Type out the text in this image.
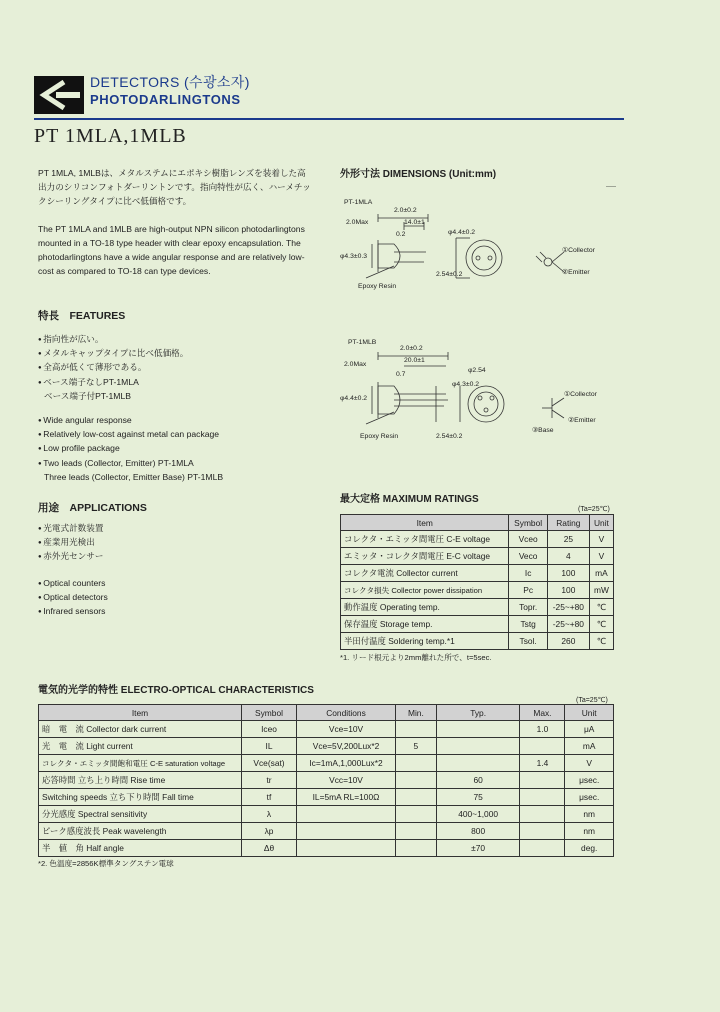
DETECTORS (수광소자)
PHOTODARLINGTONS
PT 1MLA,1MLB
PT 1MLA, 1MLBは、メタルステムにエポキシ樹脂レンズを装着した高出力のシリコンフォトダーリントンです。指向特性が広く、ハーメチックシーリングタイプに比べ低価格です。
The PT 1MLA and 1MLB are high-output NPN silicon photodarlingtons mounted in a TO-18 type header with clear epoxy encapsulation. The photodarlingtons have a wide angular response and are relatively low-cost as compared to TO-18 can type devices.
特長　FEATURES
● 指向性が広い。
● メタルキャップタイプに比べ低価格。
● 全高が低くて薄形である。
● ベース端子なしPT-1MLA
ベース端子付PT-1MLB
● Wide angular response
● Relatively low-cost against metal can package
● Low profile package
● Two leads (Collector, Emitter) PT-1MLA
Three leads (Collector, Emitter Base) PT-1MLB
用途　APPLICATIONS
● 光電式計数装置
● 産業用光検出
● 赤外光センサー
● Optical counters
● Optical detectors
● Infrared sensors
外形寸法 DIMENSIONS (Unit:mm)
PT-1MLA
2.0±0.2
14.0±1
2.0Max
0.2
φ4.3±0.3
2.54±0.2
φ4.4±0.2
Epoxy Resin
①Collector
②Emitter
PT-1MLB
2.0±0.2
20.0±1
2.0Max
0.7
φ4.4±0.2
φ2.54
φ4.3±0.2
2.54±0.2
Epoxy Resin
①Collector
②Emitter
③Base
最大定格 MAXIMUM RATINGS
(Ta=25℃)
Item	Symbol	Rating	Unit
コレクタ・エミッタ間電圧 C-E voltage	Vceo	25	V
エミッタ・コレクタ間電圧 E-C voltage	Veco	4	V
コレクタ電流 Collector current	Ic	100	mA
コレクタ損失 Collector power dissipation	Pc	100	mW
動作温度 Operating temp.	Topr.	-25~+80	℃
保存温度 Storage temp.	Tstg	-25~+80	℃
半田付温度 Soldering temp.*1	Tsol.	260	℃
*1. リード根元より2mm離れた所で、t=5sec.
電気的光学的特性 ELECTRO-OPTICAL CHARACTERISTICS
(Ta=25℃)
Item	Symbol	Conditions	Min.	Typ.	Max.	Unit
暗　電　流 Collector dark current	Iceo	Vce=10V			1.0	μA
光　電　流 Light current	IL	Vce=5V,200Lux*2	5			mA
コレクタ・エミッタ間飽和電圧 C-E saturation voltage	Vce(sat)	Ic=1mA,1,000Lux*2			1.4	V
応答時間 立ち上り時間 Rise time	tr	Vcc=10V		60		μsec.
Switching speeds 立ち下り時間 Fall time	tf	IL=5mA RL=100Ω		75		μsec.
分光感度 Spectral sensitivity	λ			400~1,000		nm
ピーク感度波長 Peak wavelength	λp			800		nm
半　値　角 Half angle	Δθ			±70		deg.
*2. 色温度=2856K標準タングステン電球
